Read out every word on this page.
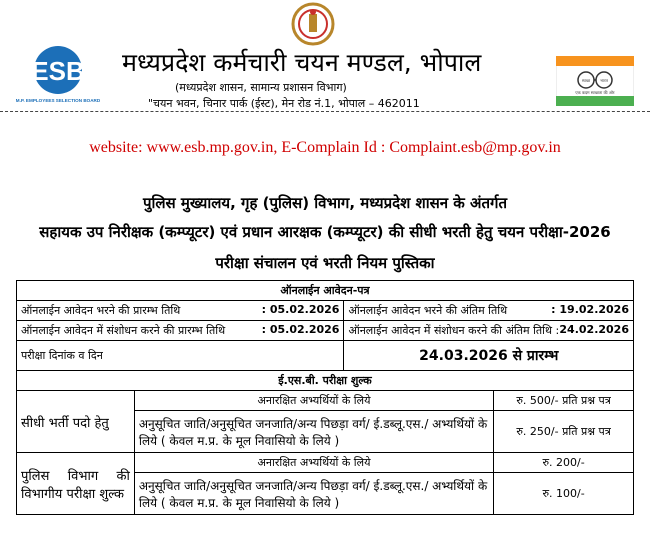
ESB
M.P. EMPLOYEES SELECTION BOARD
मध्यप्रदेश कर्मचारी चयन मण्डल, भोपाल
(मध्यप्रदेश शासन, सामान्य प्रशासन विभाग)
"चयन भवन, चिनार पार्क (ईस्ट), मेन रोड नं.1, भोपाल – 462011
स्वच्छ	भारत
एक कदम स्वच्छता की ओर
website: www.esb.mp.gov.in, E-Complain Id : Complaint.esb@mp.gov.in
पुलिस मुख्यालय, गृह (पुलिस) विभाग, मध्यप्रदेश शासन के अंतर्गत
सहायक उप निरीक्षक (कम्प्यूटर) एवं प्रधान आरक्षक (कम्प्यूटर) की सीधी भरती हेतु चयन परीक्षा-2026
परीक्षा संचालन एवं भरती नियम पुस्तिका
ऑनलाईन आवेदन-पत्र			

ऑनलाईन आवेदन भरने की प्रारम्भ तिथि : 05.02.2026		ऑनलाईन आवेदन भरने की अंतिम तिथि : 19.02.2026	

ऑनलाईन आवेदन में संशोधन करने की प्रारम्भ तिथि : 05.02.2026		ऑनलाईन आवेदन में संशोधन करने की अंतिम तिथि : 24.02.2026	

परीक्षा दिनांक व दिन		24.03.2026 से प्रारम्भ	
ई.एस.बी. परीक्षा शुल्क			
सीधी भर्ती पदो हेतु	अनारक्षित अभ्यर्थियों के लिये		रु. 500/- प्रति प्रश्न पत्र
	अनुसूचित जाति/अनुसूचित जनजाति/अन्य पिछड़ा वर्ग/ ई.डब्लू.एस./ अभ्यर्थियों के लिये ( केवल म.प्र. के मूल निवासियो के लिये )		रु. 250/- प्रति प्रश्न पत्र
पुलिस विभाग की विभागीय परीक्षा शुल्क	अनारक्षित अभ्यर्थियों के लिये		रु. 200/-
	अनुसूचित जाति/अनुसूचित जनजाति/अन्य पिछड़ा वर्ग/ ई.डब्लू.एस./ अभ्यर्थियों के लिये ( केवल म.प्र. के मूल निवासियो के लिये )		रु. 100/-
